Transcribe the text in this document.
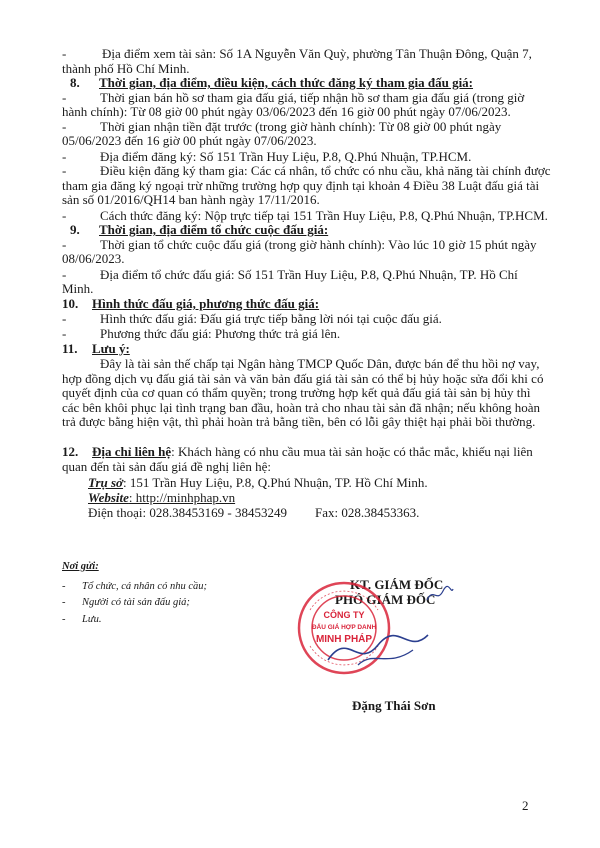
-	Địa điểm xem tài sản: Số 1A Nguyễn Văn Quỳ, phường Tân Thuận Đông, Quận 7,
thành phố Hồ Chí Minh.
8. Thời gian, địa điểm, điều kiện, cách thức đăng ký tham gia đấu giá:
-	Thời gian bán hồ sơ tham gia đấu giá, tiếp nhận hồ sơ tham gia đấu giá (trong giờ
hành chính): Từ 08 giờ 00 phút ngày 03/06/2023 đến 16 giờ 00 phút ngày 07/06/2023.
-	Thời gian nhận tiền đặt trước (trong giờ hành chính): Từ 08 giờ 00 phút ngày
05/06/2023 đến 16 giờ 00 phút ngày 07/06/2023.
-	Địa điểm đăng ký: Số 151 Trần Huy Liệu, P.8, Q.Phú Nhuận, TP.HCM.
-	Điều kiện đăng ký tham gia: Các cá nhân, tổ chức có nhu cầu, khả năng tài chính được
tham gia đăng ký ngoại trừ những trường hợp quy định tại khoản 4 Điều 38 Luật đấu giá tài
sản số 01/2016/QH14 ban hành ngày 17/11/2016.
-	Cách thức đăng ký: Nộp trực tiếp tại 151 Trần Huy Liệu, P.8, Q.Phú Nhuận, TP.HCM.
9. Thời gian, địa điểm tổ chức cuộc đấu giá:
-	Thời gian tổ chức cuộc đấu giá (trong giờ hành chính): Vào lúc 10 giờ 15 phút ngày
08/06/2023.
-	Địa điểm tổ chức đấu giá: Số 151 Trần Huy Liệu, P.8, Q.Phú Nhuận, TP. Hồ Chí
Minh.
10. Hình thức đấu giá, phương thức đấu giá:
-	Hình thức đấu giá: Đấu giá trực tiếp bằng lời nói tại cuộc đấu giá.
-	Phương thức đấu giá: Phương thức trả giá lên.
11. Lưu ý:
Đây là tài sản thế chấp tại Ngân hàng TMCP Quốc Dân, được bán để thu hồi nợ vay,
hợp đồng dịch vụ đấu giá tài sản và văn bản đấu giá tài sản có thể bị hủy hoặc sửa đổi khi có
quyết định của cơ quan có thẩm quyền; trong trường hợp kết quả đấu giá tài sản bị hủy thì
các bên khôi phục lại tình trạng ban đầu, hoàn trả cho nhau tài sản đã nhận; nếu không hoàn
trả được bằng hiện vật, thì phải hoàn trả bằng tiền, bên có lỗi gây thiệt hại phải bồi thường.
12. Địa chỉ liên hệ: Khách hàng có nhu cầu mua tài sản hoặc có thắc mắc, khiếu nại liên
quan đến tài sản đấu giá đề nghị liên hệ:
Trụ sở: 151 Trần Huy Liệu, P.8, Q.Phú Nhuận, TP. Hồ Chí Minh.
Website: http://minhphap.vn
Điện thoại: 028.38453169 - 38453249 Fax: 028.38453363.
Nơi gửi:
- Tổ chức, cá nhân có nhu cầu;
- Người có tài sản đấu giá;
- Lưu.
KT. GIÁM ĐỐC
PHÓ GIÁM ĐỐC
CÔNG TY
ĐẤU GIÁ HỢP DANH
MINH PHÁP
Đặng Thái Sơn
2
